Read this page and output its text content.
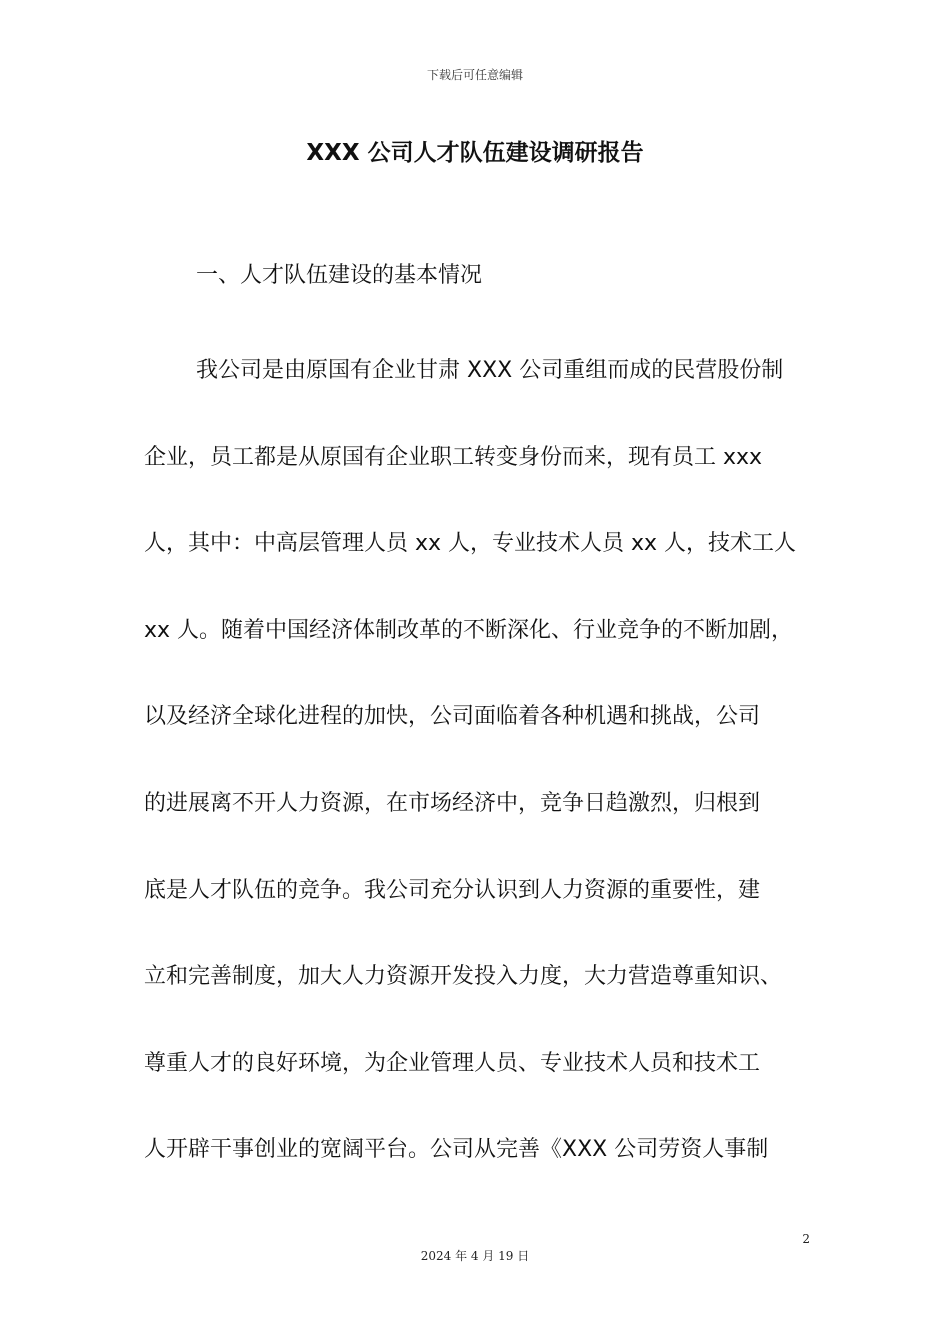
下载后可任意编辑
XXX 公司人才队伍建设调研报告
一、人才队伍建设的基本情况
我公司是由原国有企业甘肃 XXX 公司重组而成的民营股份制
企业，员工都是从原国有企业职工转变身份而来，现有员工 xxx
人，其中：中高层管理人员 xx 人，专业技术人员 xx 人，技术工人
xx 人。随着中国经济体制改革的不断深化、行业竞争的不断加剧，
以及经济全球化进程的加快，公司面临着各种机遇和挑战，公司
的进展离不开人力资源，在市场经济中，竞争日趋激烈，归根到
底是人才队伍的竞争。我公司充分认识到人力资源的重要性，建
立和完善制度，加大人力资源开发投入力度，大力营造尊重知识、
尊重人才的良好环境，为企业管理人员、专业技术人员和技术工
人开辟干事创业的宽阔平台。公司从完善《XXX 公司劳资人事制
2
2024 年 4 月 19 日
